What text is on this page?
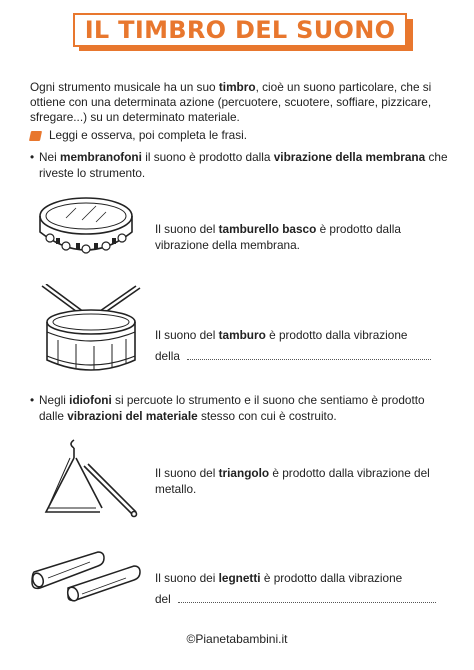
IL TIMBRO DEL SUONO
Ogni strumento musicale ha un suo timbro, cioè un suono particolare, che si ottiene con una determinata azione (percuotere, scuotere, soffiare, pizzicare, sfregare...) su un determinato materiale.
Leggi e osserva, poi completa le frasi.
• Nei membranofoni il suono è prodotto dalla vibrazione della membrana che riveste lo strumento.
Il suono del tamburello basco è prodotto dalla vibrazione della membrana.
Il suono del tamburo è prodotto dalla vibrazione
della
• Negli idiofoni si percuote lo strumento e il suono che sentiamo è prodotto dalle vibrazioni del materiale stesso con cui è costruito.
Il suono del triangolo è prodotto dalla vibrazione del metallo.
Il suono dei legnetti è prodotto dalla vibrazione
del
©Pianetabambini.it
